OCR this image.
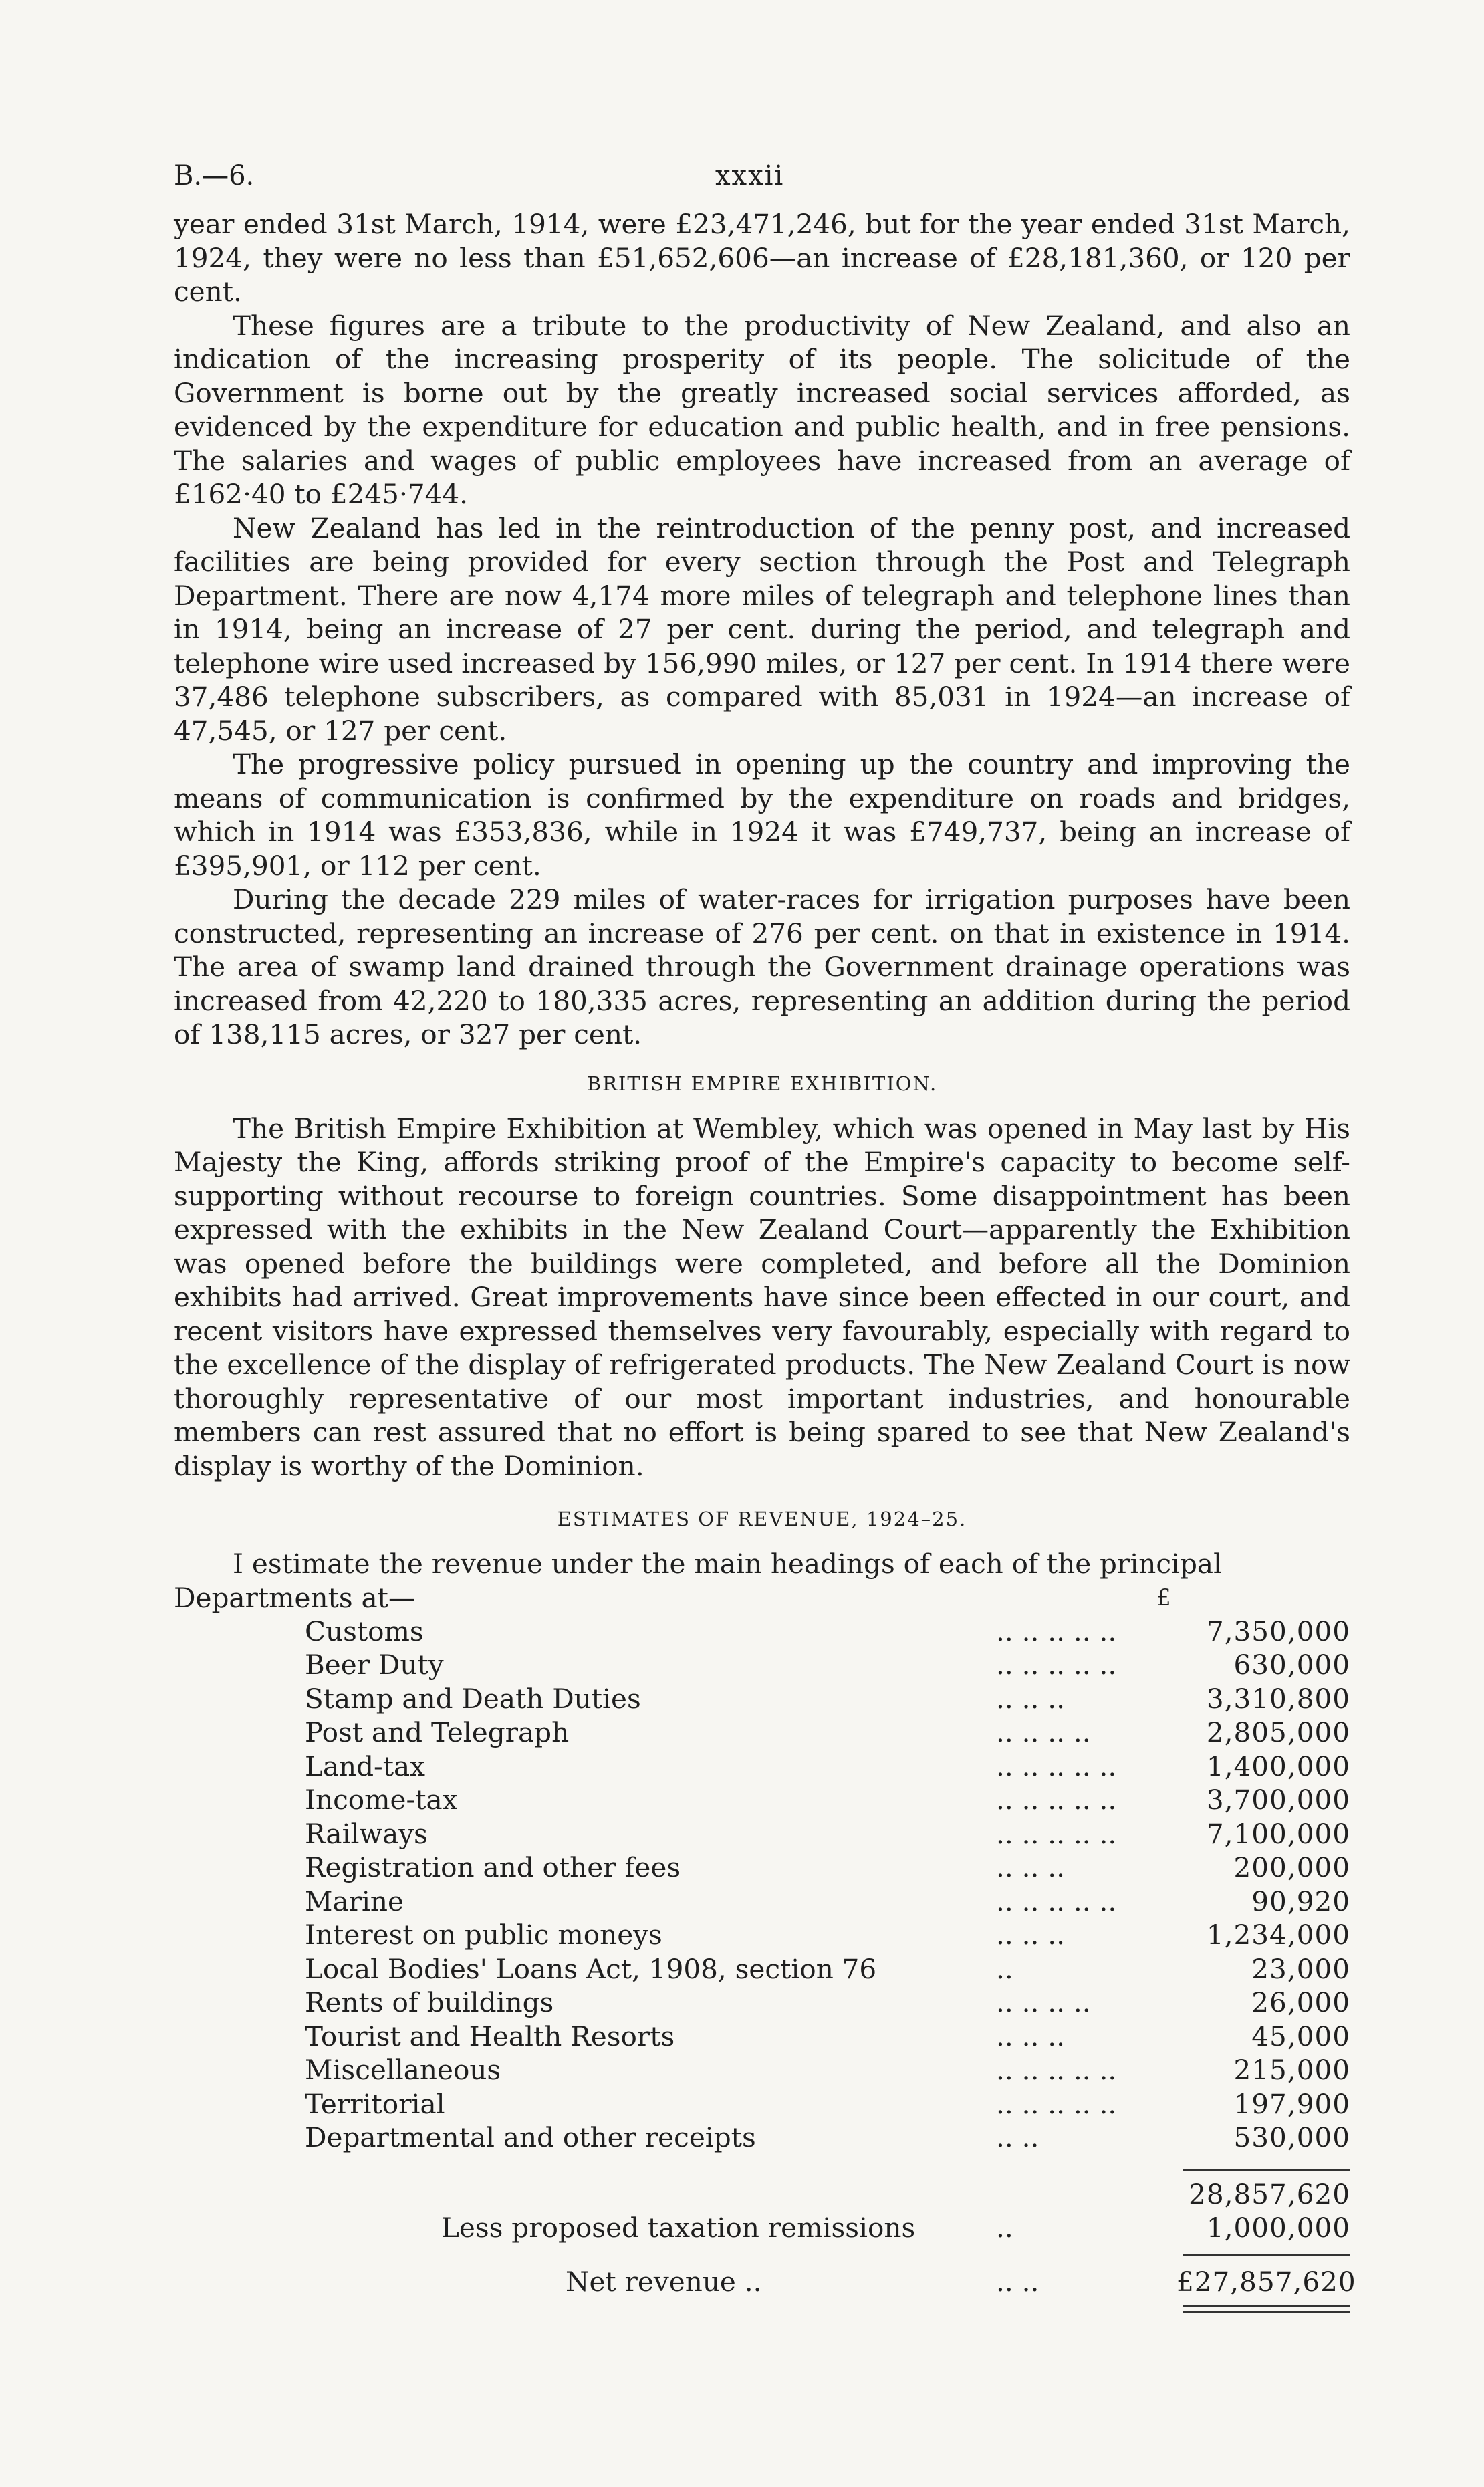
B.—6.	xxxii

year ended 31st March, 1914, were £23,471,246, but for the year ended 31st March, 1924, they were no less than £51,652,606—an increase of £28,181,360, or 120 per cent.

These figures are a tribute to the productivity of New Zealand, and also an indication of the increasing prosperity of its people. The solicitude of the Government is borne out by the greatly increased social services afforded, as evidenced by the expenditure for education and public health, and in free pensions. The salaries and wages of public employees have increased from an average of £162·40 to £245·744.

New Zealand has led in the reintroduction of the penny post, and increased facilities are being provided for every section through the Post and Telegraph Department. There are now 4,174 more miles of telegraph and telephone lines than in 1914, being an increase of 27 per cent. during the period, and telegraph and telephone wire used increased by 156,990 miles, or 127 per cent. In 1914 there were 37,486 telephone subscribers, as compared with 85,031 in 1924—an increase of 47,545, or 127 per cent.

The progressive policy pursued in opening up the country and improving the means of communication is confirmed by the expenditure on roads and bridges, which in 1914 was £353,836, while in 1924 it was £749,737, being an increase of £395,901, or 112 per cent.

During the decade 229 miles of water-races for irrigation purposes have been constructed, representing an increase of 276 per cent. on that in existence in 1914. The area of swamp land drained through the Government drainage operations was increased from 42,220 to 180,335 acres, representing an addition during the period of 138,115 acres, or 327 per cent.

BRITISH EMPIRE EXHIBITION.

The British Empire Exhibition at Wembley, which was opened in May last by His Majesty the King, affords striking proof of the Empire's capacity to become self-supporting without recourse to foreign countries. Some disappointment has been expressed with the exhibits in the New Zealand Court—apparently the Exhibition was opened before the buildings were completed, and before all the Dominion exhibits had arrived. Great improvements have since been effected in our court, and recent visitors have expressed themselves very favourably, especially with regard to the excellence of the display of refrigerated products. The New Zealand Court is now thoroughly representative of our most important industries, and honourable members can rest assured that no effort is being spared to see that New Zealand's display is worthy of the Dominion.

ESTIMATES OF REVENUE, 1924–25.

I estimate the revenue under the main headings of each of the principal

Departments at—	£
Customs	.. .. .. .. ..	7,350,000
Beer Duty	.. .. .. .. ..	630,000
Stamp and Death Duties	.. .. ..	3,310,800
Post and Telegraph	.. .. .. ..	2,805,000
Land-tax	.. .. .. .. ..	1,400,000
Income-tax	.. .. .. .. ..	3,700,000
Railways	.. .. .. .. ..	7,100,000
Registration and other fees	.. .. ..	200,000
Marine	.. .. .. .. ..	90,920
Interest on public moneys	.. .. ..	1,234,000
Local Bodies' Loans Act, 1908, section 76	..	23,000
Rents of buildings	.. .. .. ..	26,000
Tourist and Health Resorts	.. .. ..	45,000
Miscellaneous	.. .. .. .. ..	215,000
Territorial	.. .. .. .. ..	197,900
Departmental and other receipts	.. ..	530,000
28,857,620
Less proposed taxation remissions	..	1,000,000
Net revenue ..	.. ..	£27,857,620
